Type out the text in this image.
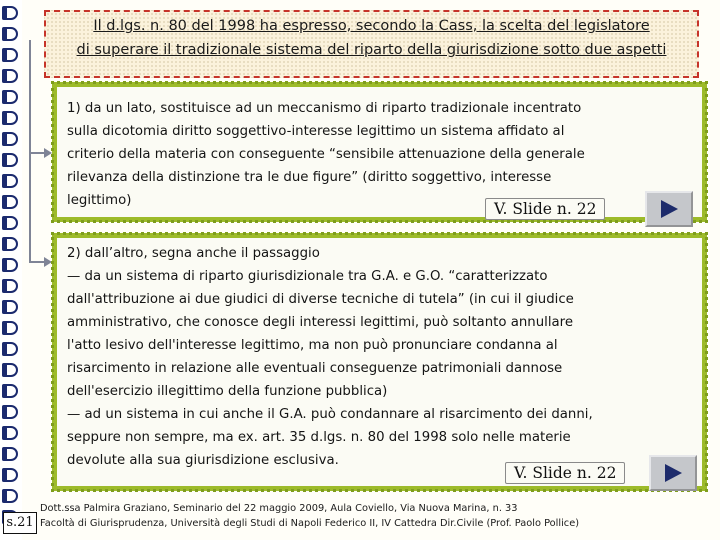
Il d.lgs. n. 80 del 1998 ha espresso, secondo la Cass, la scelta del legislatore
di superare il tradizionale sistema del riparto della giurisdizione sotto due aspetti
1) da un lato, sostituisce ad un meccanismo di riparto tradizionale incentrato
sulla dicotomia diritto soggettivo-interesse legittimo un sistema affidato al
criterio della materia con conseguente “sensibile attenuazione della generale
rilevanza della distinzione tra le due figure” (diritto soggettivo, interesse
legittimo)	V. Slide n. 22
2) dall’altro, segna anche il passaggio
— da un sistema di riparto giurisdizionale tra G.A. e G.O. “caratterizzato
dall'attribuzione ai due giudici di diverse tecniche di tutela” (in cui il giudice
amministrativo, che conosce degli interessi legittimi, può soltanto annullare
l'atto lesivo dell'interesse legittimo, ma non può pronunciare condanna al
risarcimento in relazione alle eventuali conseguenze patrimoniali dannose
dell'esercizio illegittimo della funzione pubblica)
— ad un sistema in cui anche il G.A. può condannare al risarcimento dei danni,
seppure non sempre, ma ex. art. 35 d.lgs. n. 80 del 1998 solo nelle materie
devolute alla sua giurisdizione esclusiva.
V. Slide n. 22
s.21
Dott.ssa Palmira Graziano, Seminario del 22 maggio 2009, Aula Coviello, Via Nuova Marina, n. 33
Facoltà di Giurisprudenza, Università degli Studi di Napoli Federico II, IV Cattedra Dir.Civile (Prof. Paolo Pollice)
